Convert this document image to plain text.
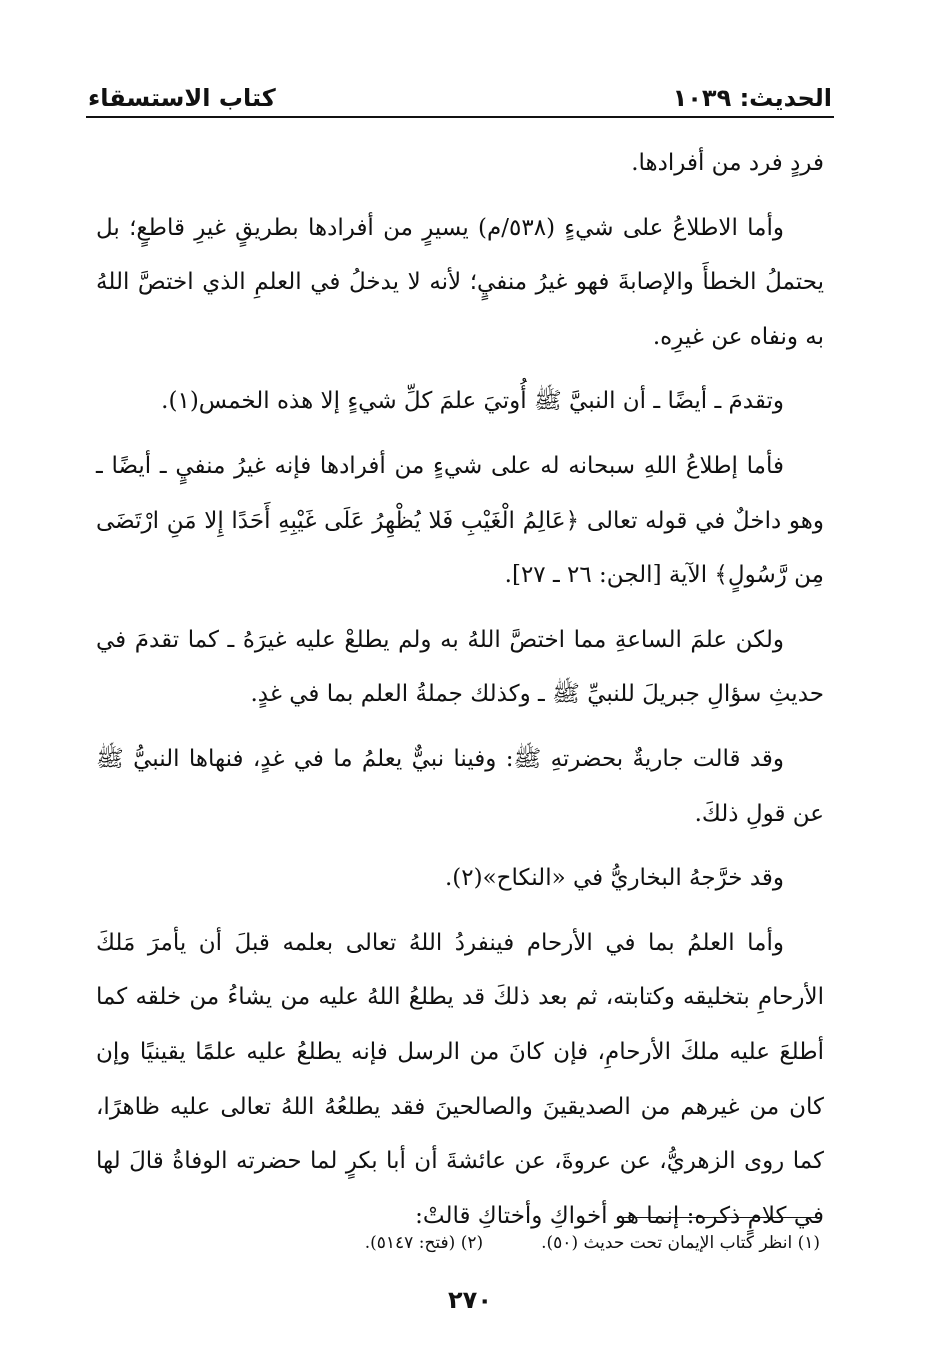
الحديث: ١٠٣٩
كتاب الاستسقاء

فردٍ فرد من أفرادها.

وأما الاطلاعُ على شيءٍ (٥٣٨/م) يسيرٍ من أفرادها بطريقٍ غيرِ قاطعٍ؛ بل يحتملُ الخطأَ والإصابةَ فهو غيرُ منفيٍ؛ لأنه لا يدخلُ في العلمِ الذي اختصَّ اللهُ به ونفاه عن غيرِه.

وتقدمَ ـ أيضًا ـ أن النبيَّ ﷺ أُوتيَ علمَ كلِّ شيءٍ إلا هذه الخمس(١).

فأما إطلاعُ اللهِ سبحانه له على شيءٍ من أفرادها فإنه غيرُ منفيٍ ـ أيضًا ـ وهو داخلٌ في قوله تعالى ﴿عَالِمُ الْغَيْبِ فَلا يُظْهِرُ عَلَى غَيْبِهِ أَحَدًا إِلا مَنِ ارْتَضَى مِن رَّسُولٍ﴾ الآية [الجن: ٢٦ ـ ٢٧].

ولكن علمَ الساعةِ مما اختصَّ اللهُ به ولم يطلعْ عليه غيرَهُ ـ كما تقدمَ في حديثِ سؤالِ جبريلَ للنبيِّ ﷺ ـ وكذلك جملةُ العلم بما في غدٍ.

وقد قالت جاريةٌ بحضرتهِ ﷺ: وفينا نبيٌّ يعلمُ ما في غدٍ، فنهاها النبيُّ ﷺ عن قولِ ذلكَ.

وقد خرَّجهُ البخاريُّ في «النكاح»(٢).

وأما العلمُ بما في الأرحام فينفردُ اللهُ تعالى بعلمه قبلَ أن يأمرَ مَلكَ الأرحامِ بتخليقه وكتابته، ثم بعد ذلكَ قد يطلعُ اللهُ عليه من يشاءُ من خلقه كما أطلعَ عليه ملكَ الأرحامِ، فإن كانَ من الرسل فإنه يطلعُ عليه علمًا يقينيًا وإن كان من غيرهم من الصديقينَ والصالحينَ فقد يطلعُهُ اللهُ تعالى عليه ظاهرًا، كما روى الزهريُّ، عن عروةَ، عن عائشةَ أن أبا بكرٍ لما حضرته الوفاةُ قالَ لها في كلامٍ ذكره: إنما هو أخواكِ وأختاكِ قالتْ:

(١) انظر كتاب الإيمان تحت حديث (٥٠).
(٢) (فتح: ٥١٤٧).
٢٧٠
